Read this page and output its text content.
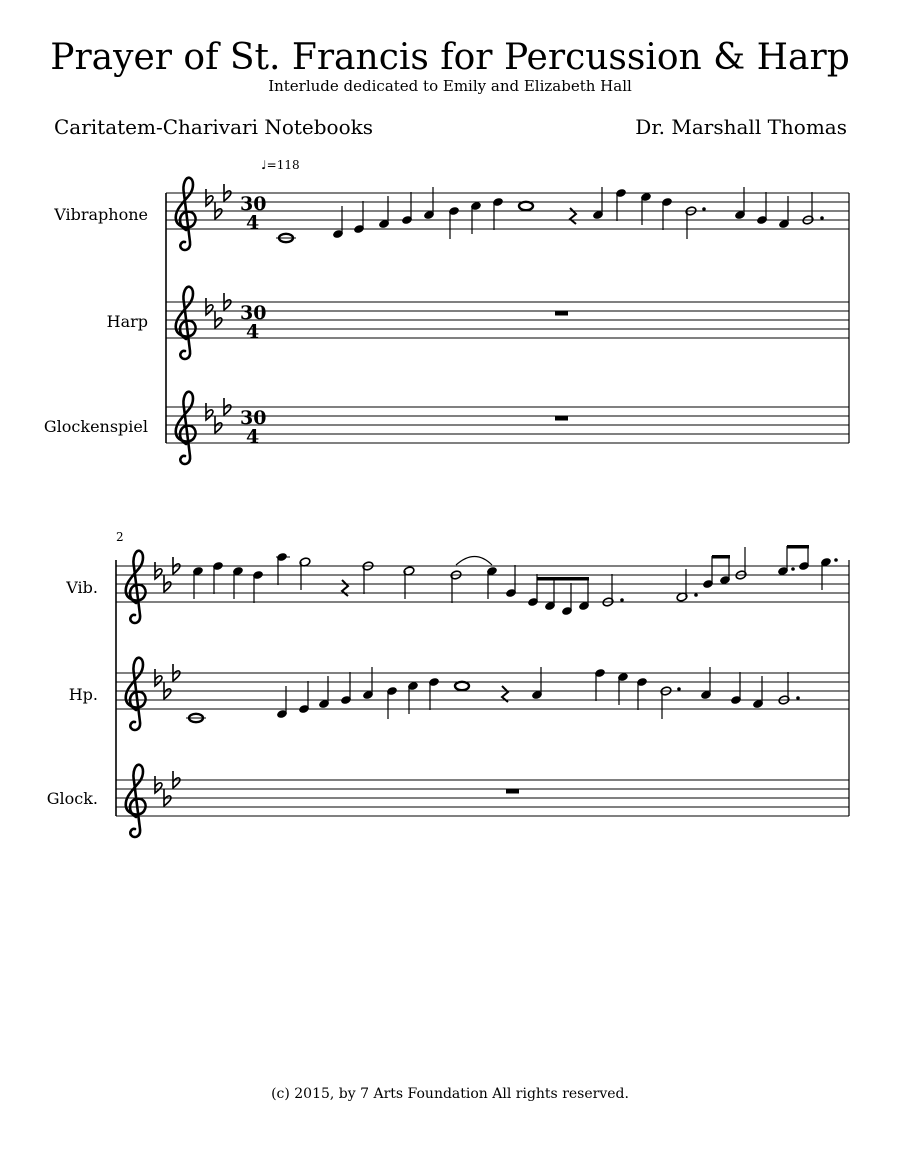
Prayer of St. Francis for Percussion & Harp
Interlude dedicated to Emily and Elizabeth Hall
Caritatem-Charivari Notebooks	Dr. Marshall Thomas
♩=118
Vibraphone	30
4
Harp	30
4
Glockenspiel	30
4
2
Vib.
Hp.
Glock.
(c) 2015, by 7 Arts Foundation All rights reserved.
